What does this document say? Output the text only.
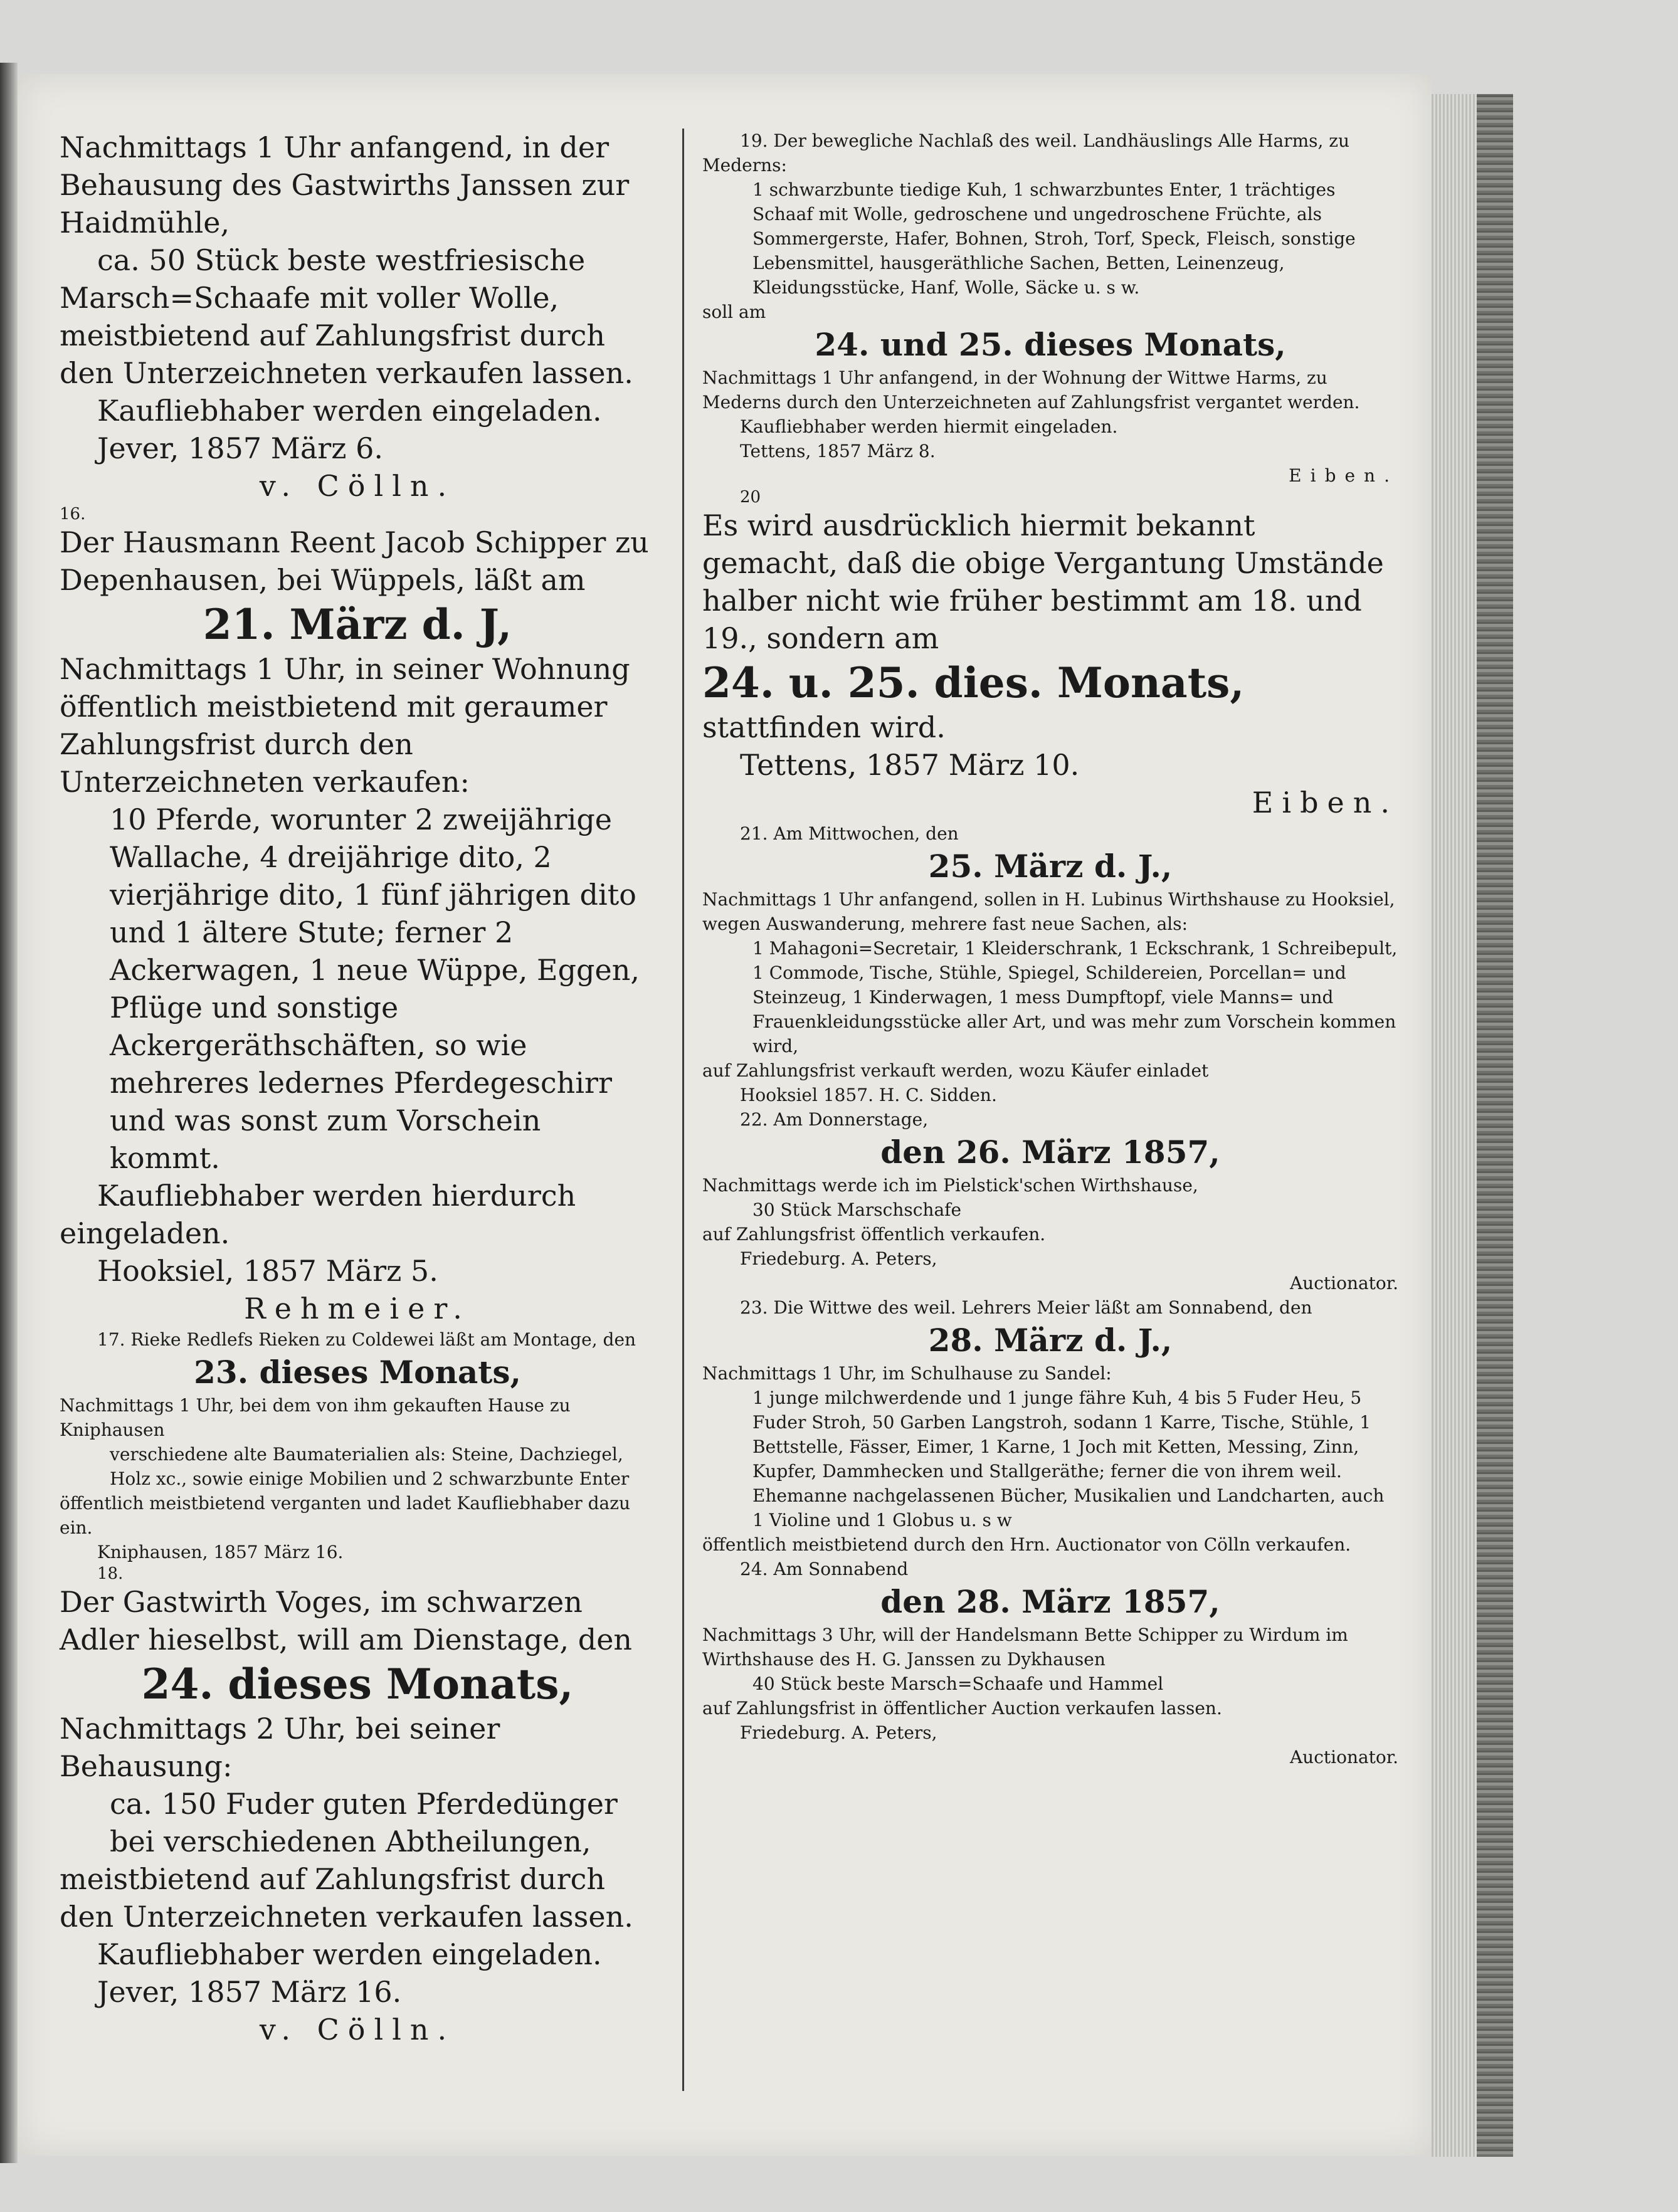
Nachmittags 1 Uhr anfangend, in der Behausung des Gastwirths Janssen zur Haidmühle,

ca. 50 Stück beste westfriesische Marsch=Schaafe mit voller Wolle, meistbietend auf Zahlungsfrist durch den Unterzeichneten verkaufen lassen.

Kaufliebhaber werden eingeladen.

Jever, 1857 März 6.

v. Cölln.

16.

Der Hausmann Reent Jacob Schipper zu Depenhausen, bei Wüppels, läßt am

21. März d. J,

Nachmittags 1 Uhr, in seiner Wohnung öffentlich meistbietend mit geraumer Zahlungsfrist durch den Unterzeichneten verkaufen:

10 Pferde, worunter 2 zweijährige Wallache, 4 dreijährige dito, 2 vierjährige dito, 1 fünf jährigen dito und 1 ältere Stute; ferner 2 Ackerwagen, 1 neue Wüppe, Eggen, Pflüge und sonstige Ackergeräthschäften, so wie mehreres ledernes Pferdegeschirr und was sonst zum Vorschein kommt.

Kaufliebhaber werden hierdurch eingeladen.

Hooksiel, 1857 März 5.

Rehmeier.

17. Rieke Redlefs Rieken zu Coldewei läßt am Montage, den

23. dieses Monats,

Nachmittags 1 Uhr, bei dem von ihm gekauften Hause zu Kniphausen

verschiedene alte Baumaterialien als: Steine, Dachziegel, Holz xc., sowie einige Mobilien und 2 schwarzbunte Enter

öffentlich meistbietend verganten und ladet Kaufliebhaber dazu ein.

Kniphausen, 1857 März 16.

18.

Der Gastwirth Voges, im schwarzen Adler hieselbst, will am Dienstage, den

24. dieses Monats,

Nachmittags 2 Uhr, bei seiner Behausung:

ca. 150 Fuder guten Pferdedünger bei verschiedenen Abtheilungen,

meistbietend auf Zahlungsfrist durch den Unterzeichneten verkaufen lassen.

Kaufliebhaber werden eingeladen.

Jever, 1857 März 16.

v. Cölln.

19. Der bewegliche Nachlaß des weil. Landhäuslings Alle Harms, zu Mederns:

1 schwarzbunte tiedige Kuh, 1 schwarzbuntes Enter, 1 trächtiges Schaaf mit Wolle, gedroschene und ungedroschene Früchte, als Sommergerste, Hafer, Bohnen, Stroh, Torf, Speck, Fleisch, sonstige Lebensmittel, hausgeräthliche Sachen, Betten, Leinenzeug, Kleidungsstücke, Hanf, Wolle, Säcke u. s w.

soll am

24. und 25. dieses Monats,

Nachmittags 1 Uhr anfangend, in der Wohnung der Wittwe Harms, zu Mederns durch den Unterzeichneten auf Zahlungsfrist vergantet werden.

Kaufliebhaber werden hiermit eingeladen.

Tettens, 1857 März 8.

Eiben.

20

Es wird ausdrücklich hiermit bekannt gemacht, daß die obige Vergantung Umstände halber nicht wie früher bestimmt am 18. und 19., sondern am

24. u. 25. dies. Monats,

stattfinden wird.

Tettens, 1857 März 10.

Eiben.

21. Am Mittwochen, den

25. März d. J.,

Nachmittags 1 Uhr anfangend, sollen in H. Lubinus Wirthshause zu Hooksiel, wegen Auswanderung, mehrere fast neue Sachen, als:

1 Mahagoni=Secretair, 1 Kleiderschrank, 1 Eckschrank, 1 Schreibepult, 1 Commode, Tische, Stühle, Spiegel, Schildereien, Porcellan= und Steinzeug, 1 Kinderwagen, 1 mess Dumpftopf, viele Manns= und Frauenkleidungsstücke aller Art, und was mehr zum Vorschein kommen wird,

auf Zahlungsfrist verkauft werden, wozu Käufer einladet

Hooksiel 1857. H. C. Sidden.

22. Am Donnerstage,

den 26. März 1857,

Nachmittags werde ich im Pielstick'schen Wirthshause,

30 Stück Marschschafe

auf Zahlungsfrist öffentlich verkaufen.

Friedeburg. A. Peters,

Auctionator.

23. Die Wittwe des weil. Lehrers Meier läßt am Sonnabend, den

28. März d. J.,

Nachmittags 1 Uhr, im Schulhause zu Sandel:

1 junge milchwerdende und 1 junge fähre Kuh, 4 bis 5 Fuder Heu, 5 Fuder Stroh, 50 Garben Langstroh, sodann 1 Karre, Tische, Stühle, 1 Bettstelle, Fässer, Eimer, 1 Karne, 1 Joch mit Ketten, Messing, Zinn, Kupfer, Dammhecken und Stallgeräthe; ferner die von ihrem weil. Ehemanne nachgelassenen Bücher, Musikalien und Landcharten, auch 1 Violine und 1 Globus u. s w

öffentlich meistbietend durch den Hrn. Auctionator von Cölln verkaufen.

24. Am Sonnabend

den 28. März 1857,

Nachmittags 3 Uhr, will der Handelsmann Bette Schipper zu Wirdum im Wirthshause des H. G. Janssen zu Dykhausen

40 Stück beste Marsch=Schaafe und Hammel

auf Zahlungsfrist in öffentlicher Auction verkaufen lassen.

Friedeburg. A. Peters,

Auctionator.
